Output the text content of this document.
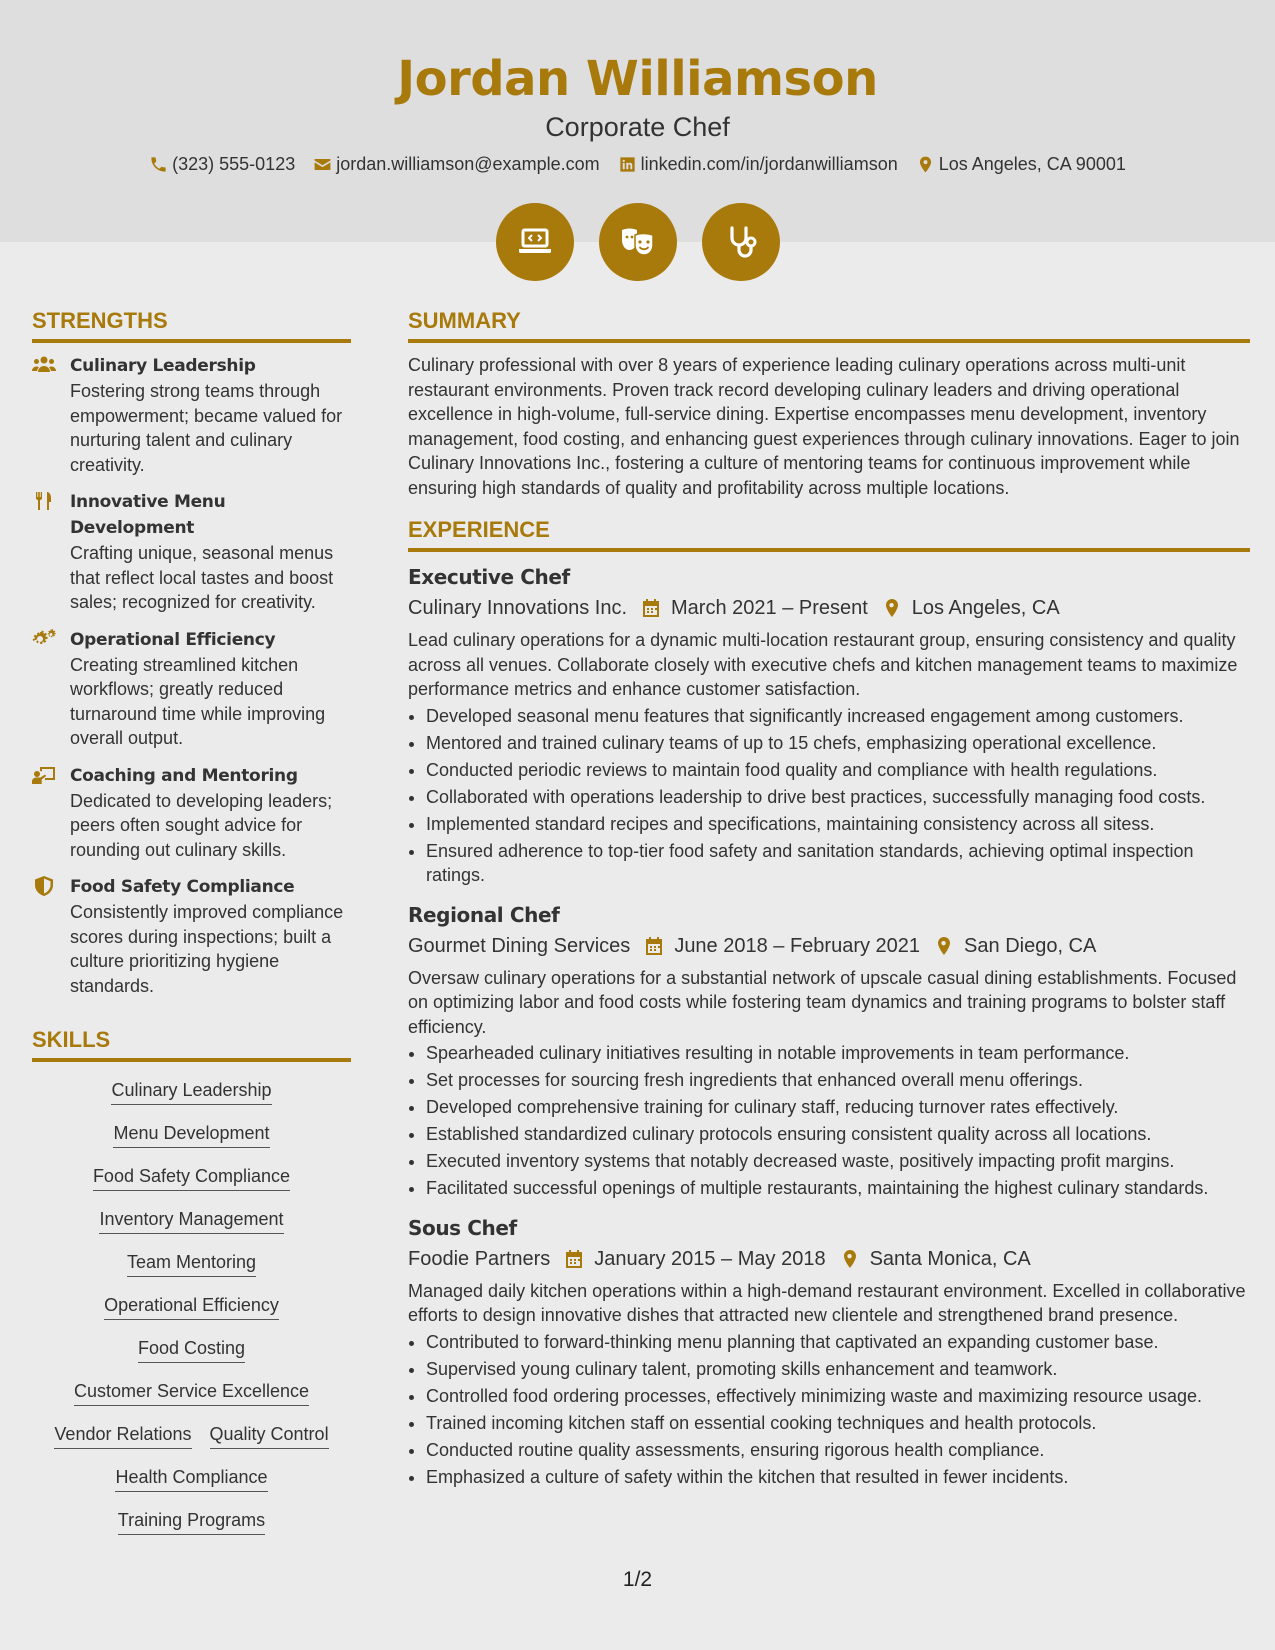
Jordan Williamson
Corporate Chef
(323) 555-0123 jordan.williamson@example.com linkedin.com/in/jordanwilliamson Los Angeles, CA 90001
STRENGTHS
Culinary Leadership
Fostering strong teams through empowerment; became valued for nurturing talent and culinary creativity.
Innovative Menu Development
Crafting unique, seasonal menus that reflect local tastes and boost sales; recognized for creativity.
Operational Efficiency
Creating streamlined kitchen workflows; greatly reduced turnaround time while improving overall output.
Coaching and Mentoring
Dedicated to developing leaders; peers often sought advice for rounding out culinary skills.
Food Safety Compliance
Consistently improved compliance scores during inspections; built a culture prioritizing hygiene standards.
SKILLS
Culinary Leadership
Menu Development
Food Safety Compliance
Inventory Management
Team Mentoring
Operational Efficiency
Food Costing
Customer Service Excellence
Vendor Relations Quality Control
Health Compliance
Training Programs
SUMMARY
Culinary professional with over 8 years of experience leading culinary operations across multi-unit restaurant environments. Proven track record developing culinary leaders and driving operational excellence in high-volume, full-service dining. Expertise encompasses menu development, inventory management, food costing, and enhancing guest experiences through culinary innovations. Eager to join Culinary Innovations Inc., fostering a culture of mentoring teams for continuous improvement while ensuring high standards of quality and profitability across multiple locations.
EXPERIENCE
Executive Chef
Culinary Innovations Inc. March 2021 – Present Los Angeles, CA
Lead culinary operations for a dynamic multi-location restaurant group, ensuring consistency and quality across all venues. Collaborate closely with executive chefs and kitchen management teams to maximize performance metrics and enhance customer satisfaction.
• Developed seasonal menu features that significantly increased engagement among customers.
• Mentored and trained culinary teams of up to 15 chefs, emphasizing operational excellence.
• Conducted periodic reviews to maintain food quality and compliance with health regulations.
• Collaborated with operations leadership to drive best practices, successfully managing food costs.
• Implemented standard recipes and specifications, maintaining consistency across all sitess.
• Ensured adherence to top-tier food safety and sanitation standards, achieving optimal inspection ratings.
Regional Chef
Gourmet Dining Services June 2018 – February 2021 San Diego, CA
Oversaw culinary operations for a substantial network of upscale casual dining establishments. Focused on optimizing labor and food costs while fostering team dynamics and training programs to bolster staff efficiency.
• Spearheaded culinary initiatives resulting in notable improvements in team performance.
• Set processes for sourcing fresh ingredients that enhanced overall menu offerings.
• Developed comprehensive training for culinary staff, reducing turnover rates effectively.
• Established standardized culinary protocols ensuring consistent quality across all locations.
• Executed inventory systems that notably decreased waste, positively impacting profit margins.
• Facilitated successful openings of multiple restaurants, maintaining the highest culinary standards.
Sous Chef
Foodie Partners January 2015 – May 2018 Santa Monica, CA
Managed daily kitchen operations within a high-demand restaurant environment. Excelled in collaborative efforts to design innovative dishes that attracted new clientele and strengthened brand presence.
• Contributed to forward-thinking menu planning that captivated an expanding customer base.
• Supervised young culinary talent, promoting skills enhancement and teamwork.
• Controlled food ordering processes, effectively minimizing waste and maximizing resource usage.
• Trained incoming kitchen staff on essential cooking techniques and health protocols.
• Conducted routine quality assessments, ensuring rigorous health compliance.
• Emphasized a culture of safety within the kitchen that resulted in fewer incidents.
1/2
